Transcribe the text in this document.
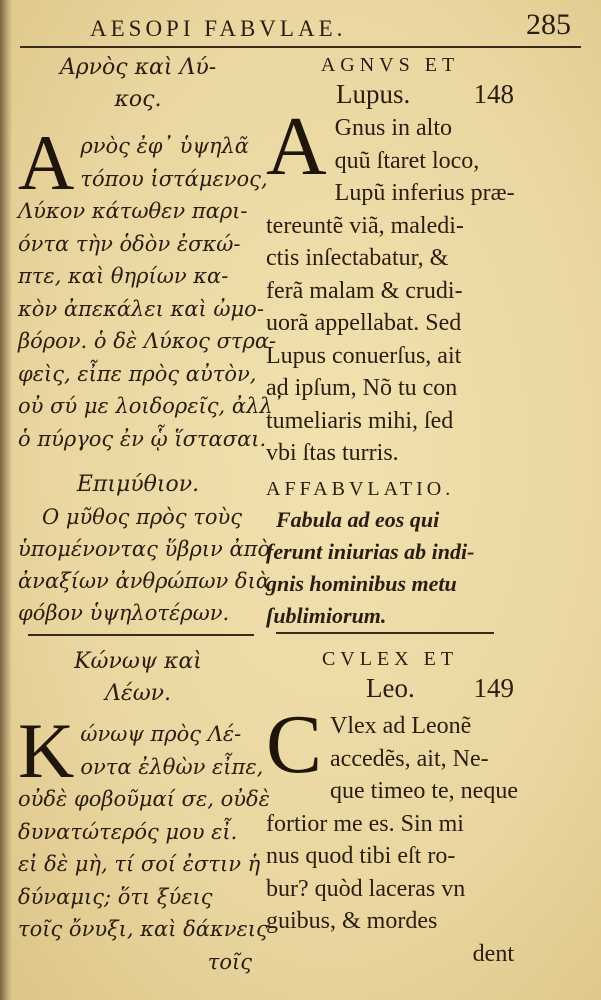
AESOPI FABVLAE.	285
Αρνὸς καὶ Λύ-
κος.
A ρνὸς ἐφ᾽ ὑψηλᾶ
τόπου ἱστάμενος,
Λύκον κάτωθεν παρι-
όντα τὴν ὁδὸν ἐσκώ-
πτε, καὶ θηρίων κα-
κὸν ἀπεκάλει καὶ ὠμο-
βόρον. ὁ δὲ Λύκος στρα-
φεὶς, εἶπε πρὸς αὐτὸν,
οὐ σύ με λοιδορεῖς, ἀλλ᾽
ὁ πύργος ἐν ᾧ ἵστασαι.
Επιμύθιον.
Ο μῦθος πρὸς τοὺς
ὑπομένοντας ὕβριν ἀπὸ
ἀναξίων ἀνθρώπων διὰ
φόβον ὑψηλοτέρων.
AGNVS ET
Lupus. 148
A Gnus in alto
quũ ſtaret loco,
Lupũ inferius præ-
tereuntẽ viã, maledi-
ctis inſectabatur, &
ferã malam & crudi-
uorã appellabat. Sed
Lupus conuerſus, ait
ad ipſum, Nõ tu con
tumeliaris mihi, ſed
vbi ſtas turris.
AFFABVLATIO.
Fabula ad eos qui
ferunt iniurias ab indi-
gnis hominibus metu
ſublimiorum.
Κώνωψ καὶ
Λέων.
K ώνωψ πρὸς Λέ-
οντα ἐλθὼν εἶπε,
οὐδὲ φοβοῦμαί σε, οὐδὲ
δυνατώτερός μου εἶ.
εἰ δὲ μὴ, τί σοί ἐστιν ἡ
δύναμις; ὅτι ξύεις
τοῖς ὄνυξι, καὶ δάκνεις
τοῖς
CVLEX ET
Leo. 149
C Vlex ad Leonẽ
accedẽs, ait, Ne-
que timeo te, neque
fortior me es. Sin mi
nus quod tibi eſt ro-
bur? quòd laceras vn
guibus, & mordes
dent
